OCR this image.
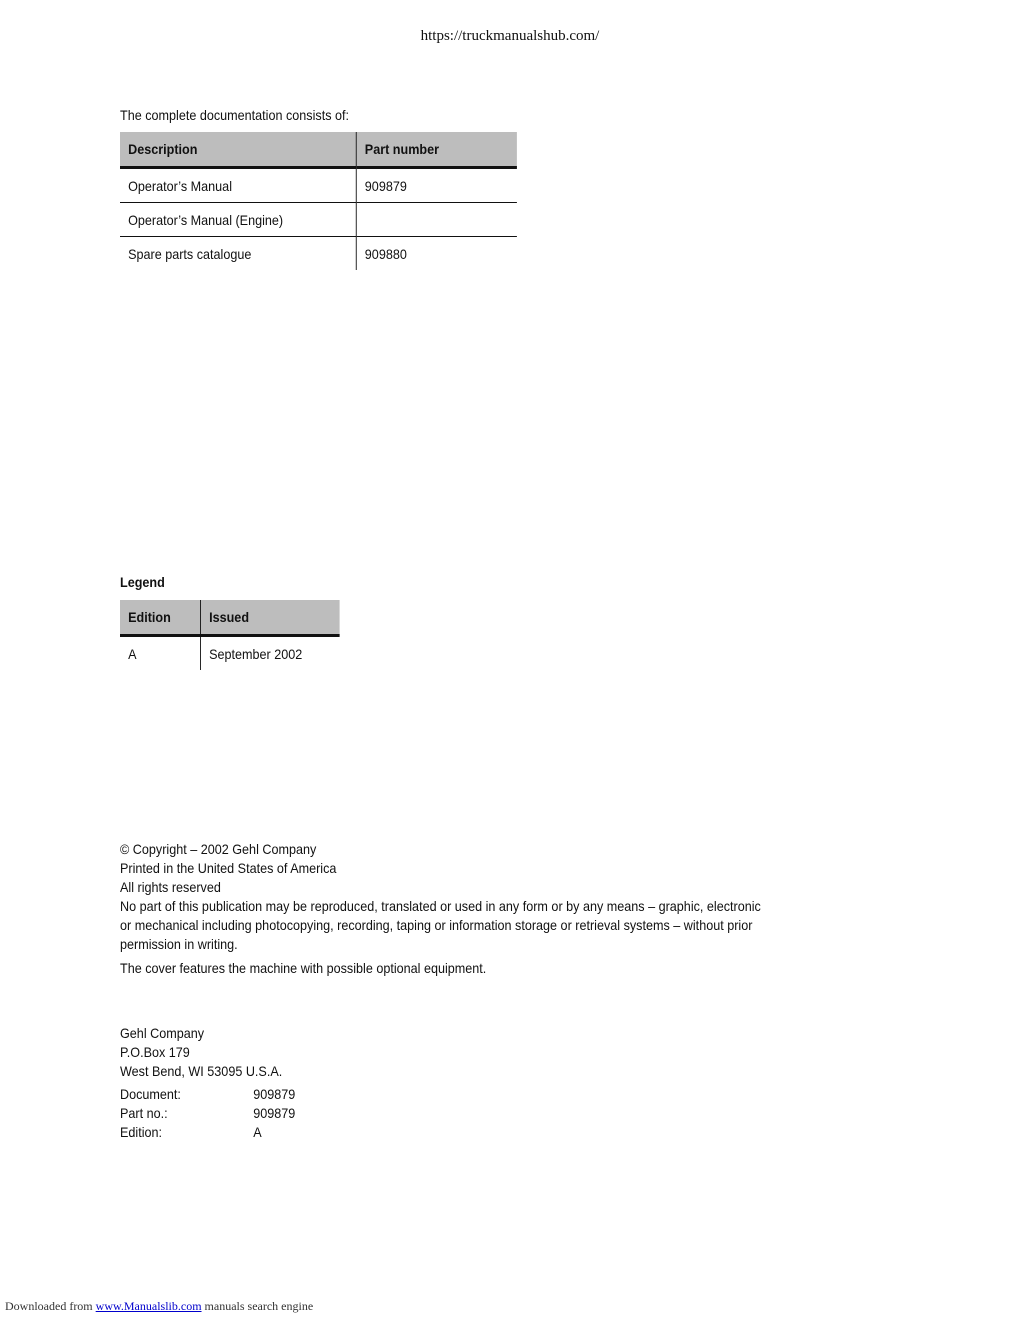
https://truckmanualshub.com/
The complete documentation consists of:
Description	Part number
Operator’s Manual	909879
Operator’s Manual (Engine)	
Spare parts catalogue	909880
Legend
Edition	Issued
A	September 2002
© Copyright – 2002 Gehl Company
Printed in the United States of America
All rights reserved
No part of this publication may be reproduced, translated or used in any form or by any means – graphic, electronic or mechanical including photocopying, recording, taping or information storage or retrieval systems – without prior permission in writing.
The cover features the machine with possible optional equipment.
Gehl Company
P.O.Box 179
West Bend, WI 53095 U.S.A.
Document:	909879
Part no.:	909879
Edition:	A
Downloaded from www.Manualslib.com manuals search engine
